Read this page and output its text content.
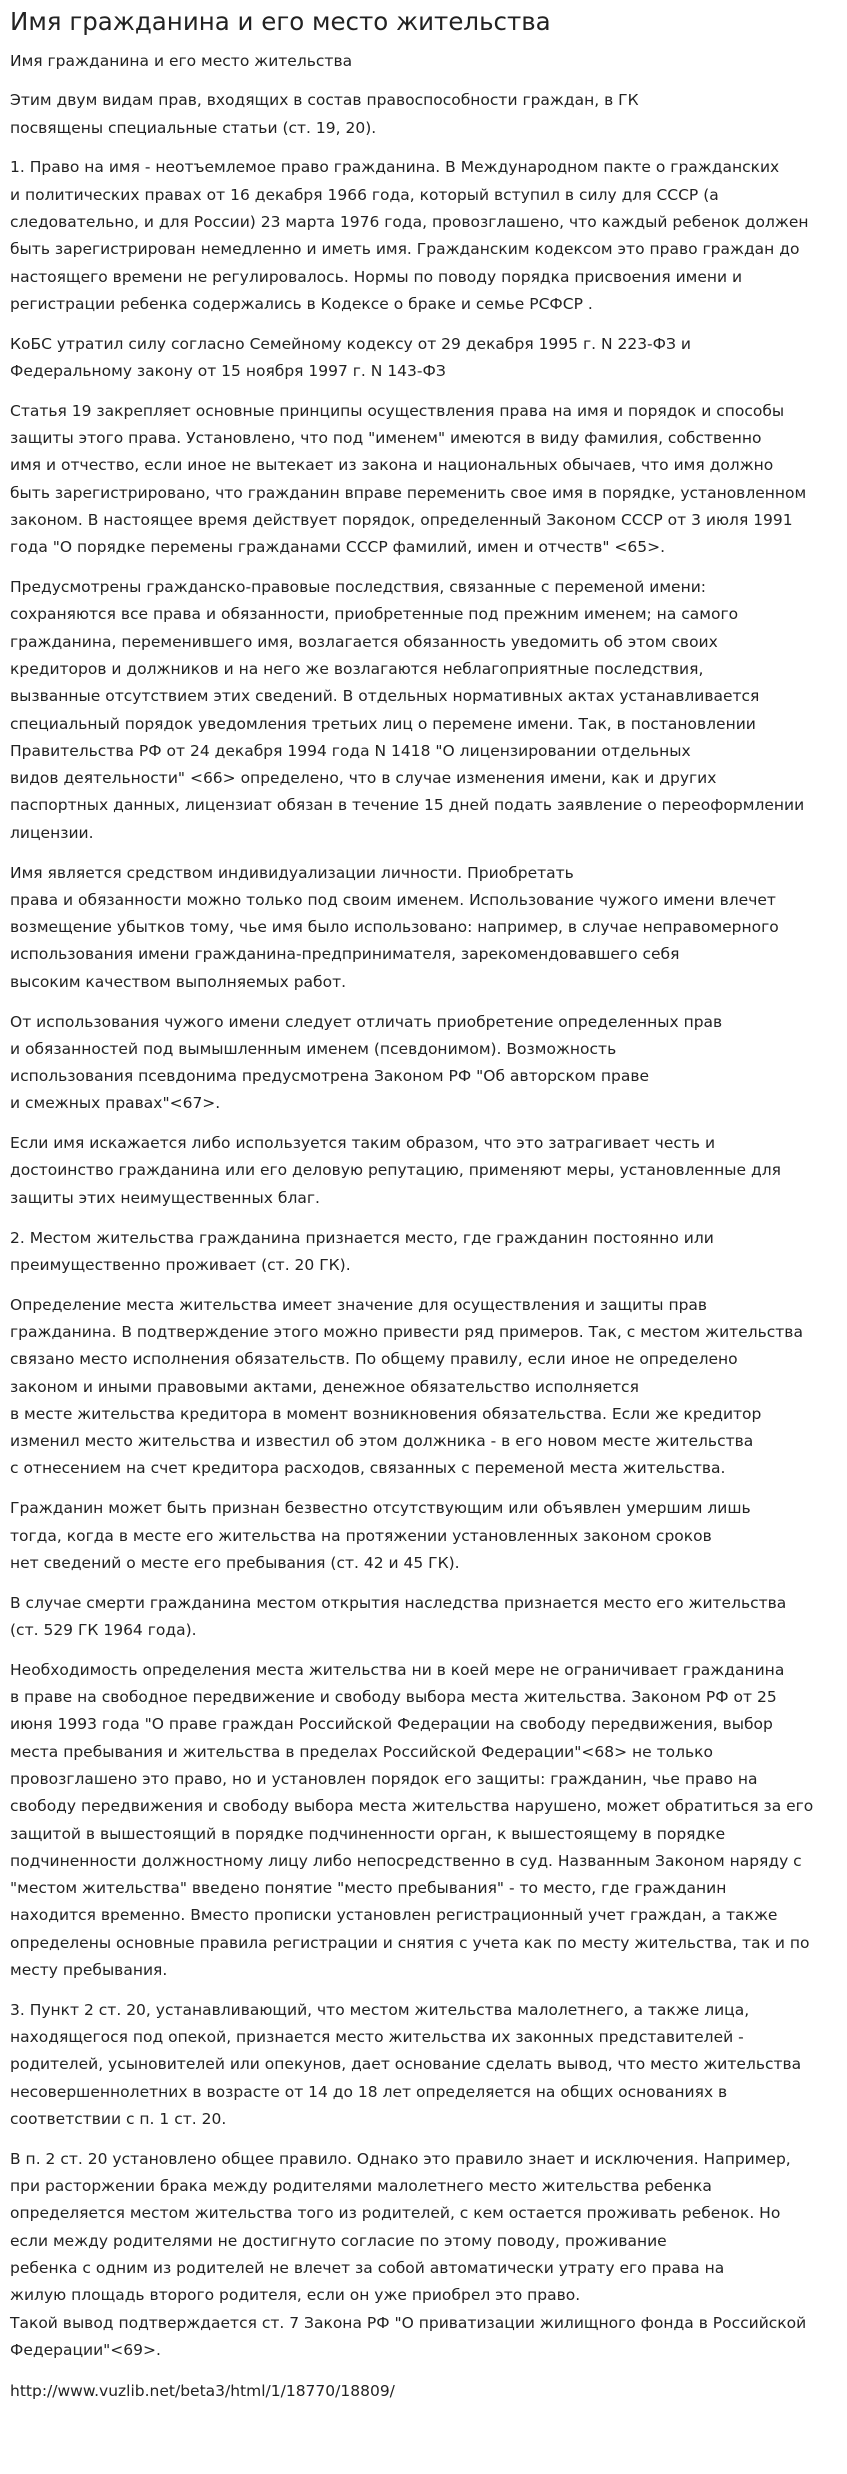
Имя гражданина и его место жительства

Имя гражданина и его место жительства

Этим двум видам прав, входящих в состав правоспособности граждан, в ГК
посвящены специальные статьи (ст. 19, 20).

1. Право на имя - неотъемлемое право гражданина. В Международном пакте о гражданских
и политических правах от 16 декабря 1966 года, который вступил в силу для СССР (а
следовательно, и для России) 23 марта 1976 года, провозглашено, что каждый ребенок должен
быть зарегистрирован немедленно и иметь имя. Гражданским кодексом это право граждан до
настоящего времени не регулировалось. Нормы по поводу порядка присвоения имени и
регистрации ребенка содержались в Кодексе о браке и семье РСФСР .

КоБС утратил силу согласно Семейному кодексу от 29 декабря 1995 г. N 223-ФЗ и
Федеральному закону от 15 ноября 1997 г. N 143-ФЗ

Статья 19 закрепляет основные принципы осуществления права на имя и порядок и способы
защиты этого права. Установлено, что под "именем" имеются в виду фамилия, собственно
имя и отчество, если иное не вытекает из закона и национальных обычаев, что имя должно
быть зарегистрировано, что гражданин вправе переменить свое имя в порядке, установленном
законом. В настоящее время действует порядок, определенный Законом СССР от 3 июля 1991
года "О порядке перемены гражданами СССР фамилий, имен и отчеств" <65>.

Предусмотрены гражданско-правовые последствия, связанные с переменой имени:
сохраняются все права и обязанности, приобретенные под прежним именем; на самого
гражданина, переменившего имя, возлагается обязанность уведомить об этом своих
кредиторов и должников и на него же возлагаются неблагоприятные последствия,
вызванные отсутствием этих сведений. В отдельных нормативных актах устанавливается
специальный порядок уведомления третьих лиц о перемене имени. Так, в постановлении
Правительства РФ от 24 декабря 1994 года N 1418 "О лицензировании отдельных
видов деятельности" <66> определено, что в случае изменения имени, как и других
паспортных данных, лицензиат обязан в течение 15 дней подать заявление о переоформлении
лицензии.

Имя является средством индивидуализации личности. Приобретать
права и обязанности можно только под своим именем. Использование чужого имени влечет
возмещение убытков тому, чье имя было использовано: например, в случае неправомерного
использования имени гражданина-предпринимателя, зарекомендовавшего себя
высоким качеством выполняемых работ.

От использования чужого имени следует отличать приобретение определенных прав
и обязанностей под вымышленным именем (псевдонимом). Возможность
использования псевдонима предусмотрена Законом РФ "Об авторском праве
и смежных правах"<67>.

Если имя искажается либо используется таким образом, что это затрагивает честь и
достоинство гражданина или его деловую репутацию, применяют меры, установленные для
защиты этих неимущественных благ.

2. Местом жительства гражданина признается место, где гражданин постоянно или
преимущественно проживает (ст. 20 ГК).

Определение места жительства имеет значение для осуществления и защиты прав
гражданина. В подтверждение этого можно привести ряд примеров. Так, с местом жительства
связано место исполнения обязательств. По общему правилу, если иное не определено
законом и иными правовыми актами, денежное обязательство исполняется
в месте жительства кредитора в момент возникновения обязательства. Если же кредитор
изменил место жительства и известил об этом должника - в его новом месте жительства
с отнесением на счет кредитора расходов, связанных с переменой места жительства.

Гражданин может быть признан безвестно отсутствующим или объявлен умершим лишь
тогда, когда в месте его жительства на протяжении установленных законом сроков
нет сведений о месте его пребывания (ст. 42 и 45 ГК).

В случае смерти гражданина местом открытия наследства признается место его жительства
(ст. 529 ГК 1964 года).

Необходимость определения места жительства ни в коей мере не ограничивает гражданина
в праве на свободное передвижение и свободу выбора места жительства. Законом РФ от 25
июня 1993 года "О праве граждан Российской Федерации на свободу передвижения, выбор
места пребывания и жительства в пределах Российской Федерации"<68> не только
провозглашено это право, но и установлен порядок его защиты: гражданин, чье право на
свободу передвижения и свободу выбора места жительства нарушено, может обратиться за его
защитой в вышестоящий в порядке подчиненности орган, к вышестоящему в порядке
подчиненности должностному лицу либо непосредственно в суд. Названным Законом наряду с
"местом жительства" введено понятие "место пребывания" - то место, где гражданин
находится временно. Вместо прописки установлен регистрационный учет граждан, а также
определены основные правила регистрации и снятия с учета как по месту жительства, так и по
месту пребывания.

3. Пункт 2 ст. 20, устанавливающий, что местом жительства малолетнего, а также лица,
находящегося под опекой, признается место жительства их законных представителей -
родителей, усыновителей или опекунов, дает основание сделать вывод, что место жительства
несовершеннолетних в возрасте от 14 до 18 лет определяется на общих основаниях в
соответствии с п. 1 ст. 20.

В п. 2 ст. 20 установлено общее правило. Однако это правило знает и исключения. Например,
при расторжении брака между родителями малолетнего место жительства ребенка
определяется местом жительства того из родителей, с кем остается проживать ребенок. Но
если между родителями не достигнуто согласие по этому поводу, проживание
ребенка с одним из родителей не влечет за собой автоматически утрату его права на
жилую площадь второго родителя, если он уже приобрел это право.
Такой вывод подтверждается ст. 7 Закона РФ "О приватизации жилищного фонда в Российской
Федерации"<69>.

http://www.vuzlib.net/beta3/html/1/18770/18809/
